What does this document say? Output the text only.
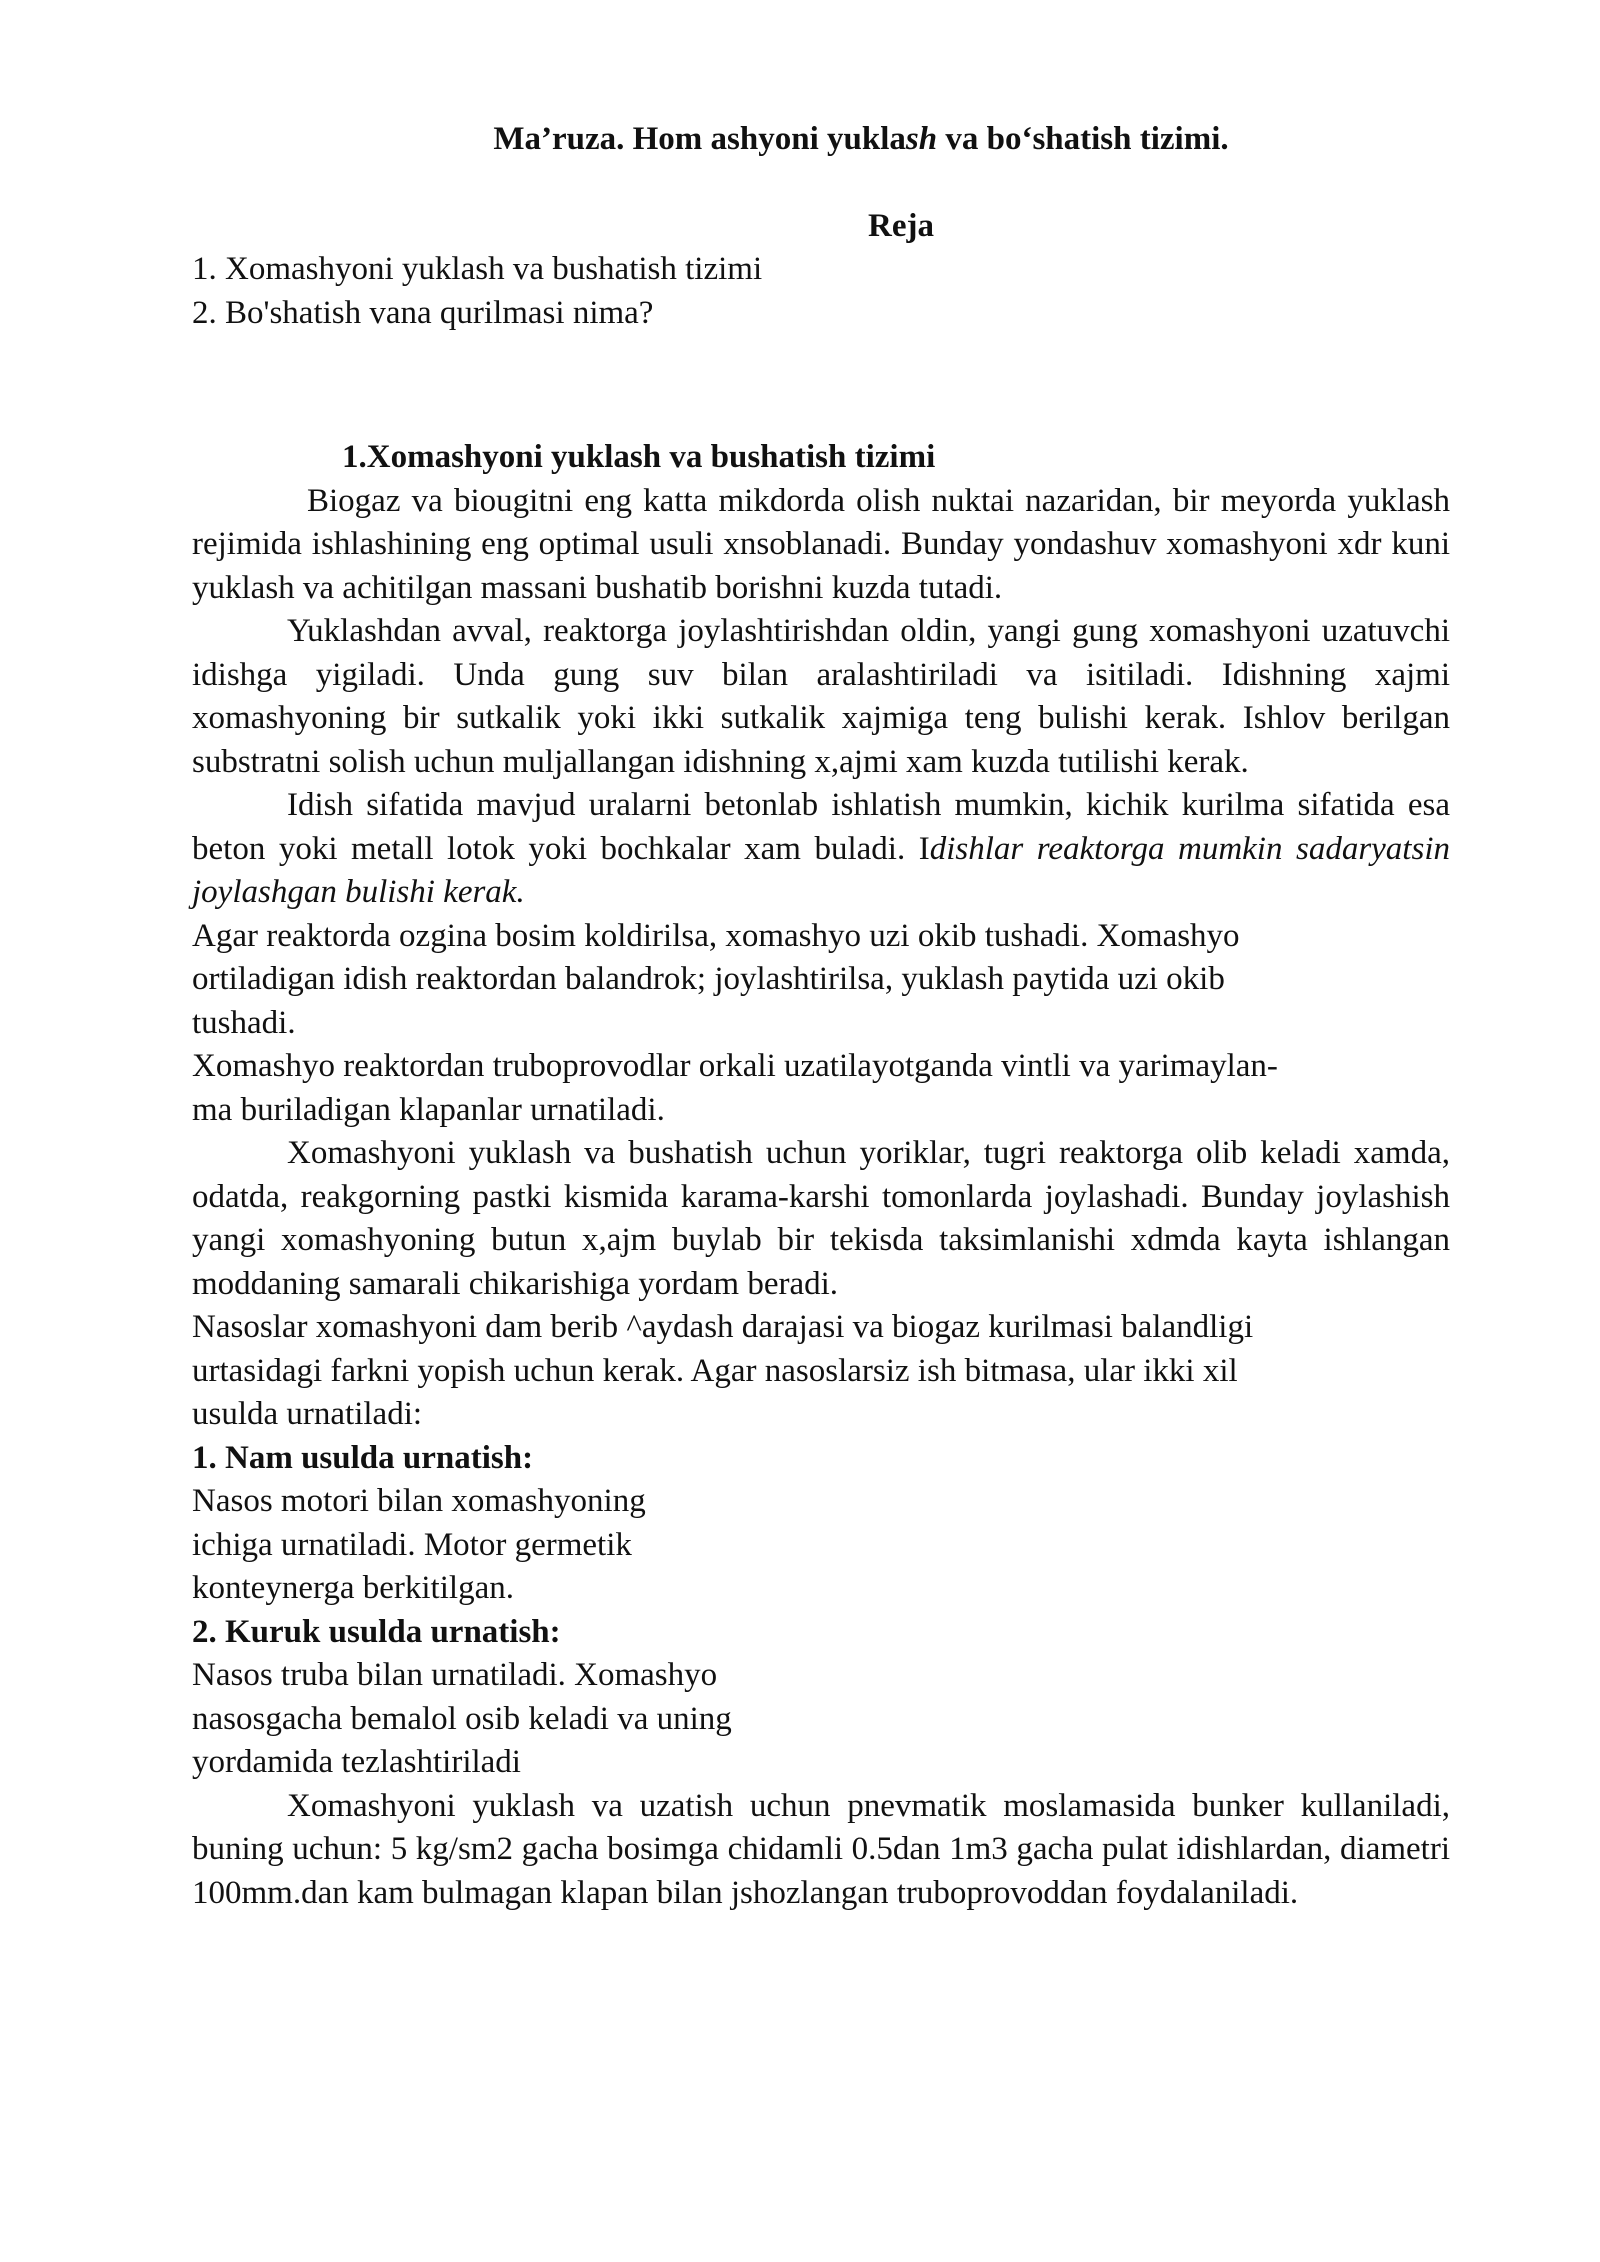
Ma’ruza. Hom ashyoni yuklash va bo‘shatish tizimi.

Reja

1. Xomashyoni yuklash va bushatish tizimi
2. Bo'shatish vana qurilmasi nima?

1.Xomashyoni yuklash va bushatish tizimi

Biogaz va biougitni eng katta mikdorda olish nuktai nazaridan, bir meyorda yuklash rejimida ishlashining eng optimal usuli xnsoblanadi. Bunday yondashuv xomashyoni xdr kuni yuklash va achitilgan massani bushatib borishni kuzda tutadi.

Yuklashdan avval, reaktorga joylashtirishdan oldin, yangi gung xomashyoni uzatuvchi idishga yigiladi. Unda gung suv bilan aralashtiriladi va isitiladi. Idishning xajmi xomashyoning bir sutkalik yoki ikki sutkalik xajmiga teng bulishi kerak. Ishlov berilgan substratni solish uchun muljallangan idishning x,ajmi xam kuzda tutilishi kerak.

Idish sifatida mavjud uralarni betonlab ishlatish mumkin, kichik kurilma sifatida esa beton yoki metall lotok yoki bochkalar xam buladi. Idishlar reaktorga mumkin sadaryatsin joylashgan bulishi kerak.

Agar reaktorda ozgina bosim koldirilsa, xomashyo uzi okib tushadi. Xomashyo

ortiladigan idish reaktordan balandrok; joylashtirilsa, yuklash paytida uzi okib

tushadi.

Xomashyo reaktordan truboprovodlar orkali uzatilayotganda vintli va yarimaylan-

ma buriladigan klapanlar urnatiladi.

Xomashyoni yuklash va bushatish uchun yoriklar, tugri reaktorga olib keladi xamda, odatda, reakgorning pastki kismida karama-karshi tomonlarda joylashadi. Bunday joylashish yangi xomashyoning butun x,ajm buylab bir tekisda taksimlanishi xdmda kayta ishlangan moddaning samarali chikarishiga yordam beradi.

Nasoslar xomashyoni dam berib ^aydash darajasi va biogaz kurilmasi balandligi

urtasidagi farkni yopish uchun kerak. Agar nasoslarsiz ish bitmasa, ular ikki xil

usulda urnatiladi:

1. Nam usulda urnatish:

Nasos motori bilan xomashyoning

ichiga urnatiladi. Motor germetik

konteynerga berkitilgan.

2. Kuruk usulda urnatish:

Nasos truba bilan urnatiladi. Xomashyo

nasosgacha bemalol osib keladi va uning

yordamida tezlashtiriladi

Xomashyoni yuklash va uzatish uchun pnevmatik moslamasida bunker kullaniladi, buning uchun: 5 kg/sm2 gacha bosimga chidamli 0.5dan 1m3 gacha pulat idishlardan, diametri 100mm.dan kam bulmagan klapan bilan jshozlangan truboprovoddan foydalaniladi.
